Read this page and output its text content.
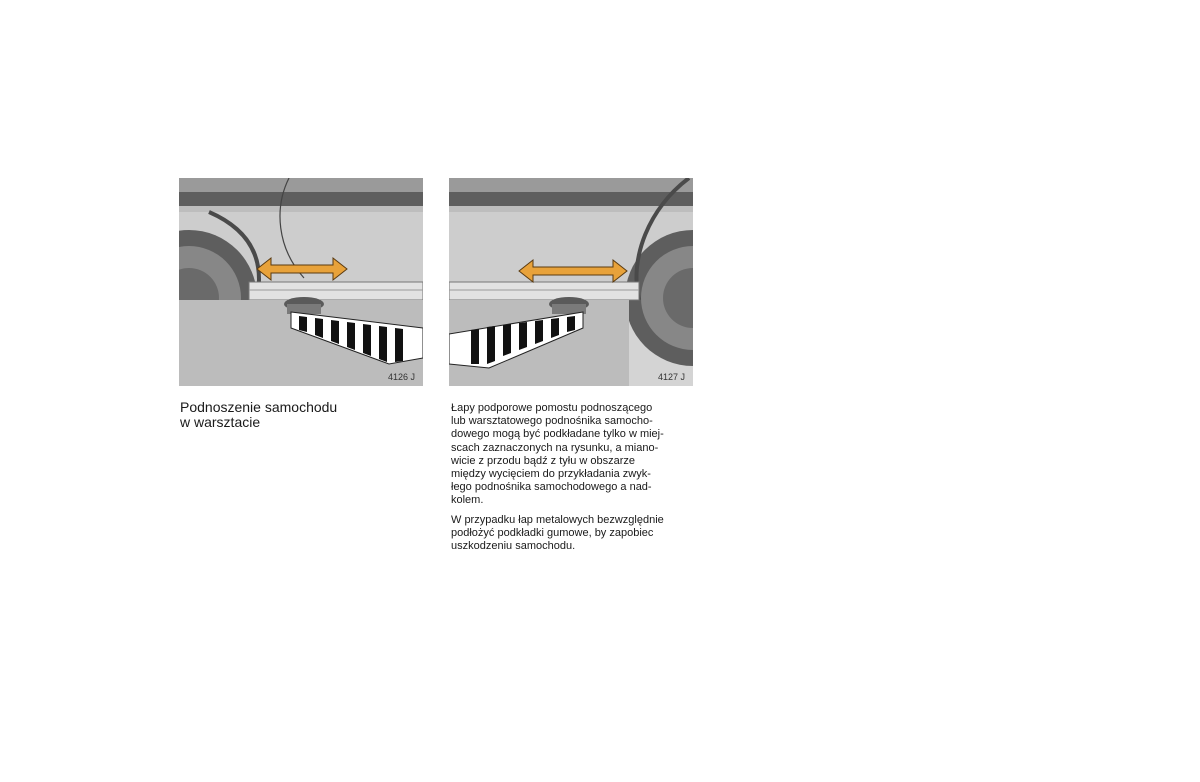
4126 J	4127 J
Podnoszenie samochodu
w warsztacie

Łapy podporowe pomostu podnoszącego
lub warsztatowego podnośnika samocho-
dowego mogą być podkładane tylko w miej-
scach zaznaczonych na rysunku, a miano-
wicie z przodu bądź z tyłu w obszarze
między wycięciem do przykładania zwyk-
łego podnośnika samochodowego a nad-
kolem.

W przypadku łap metalowych bezwzględnie
podłożyć podkładki gumowe, by zapobiec
uszkodzeniu samochodu.
